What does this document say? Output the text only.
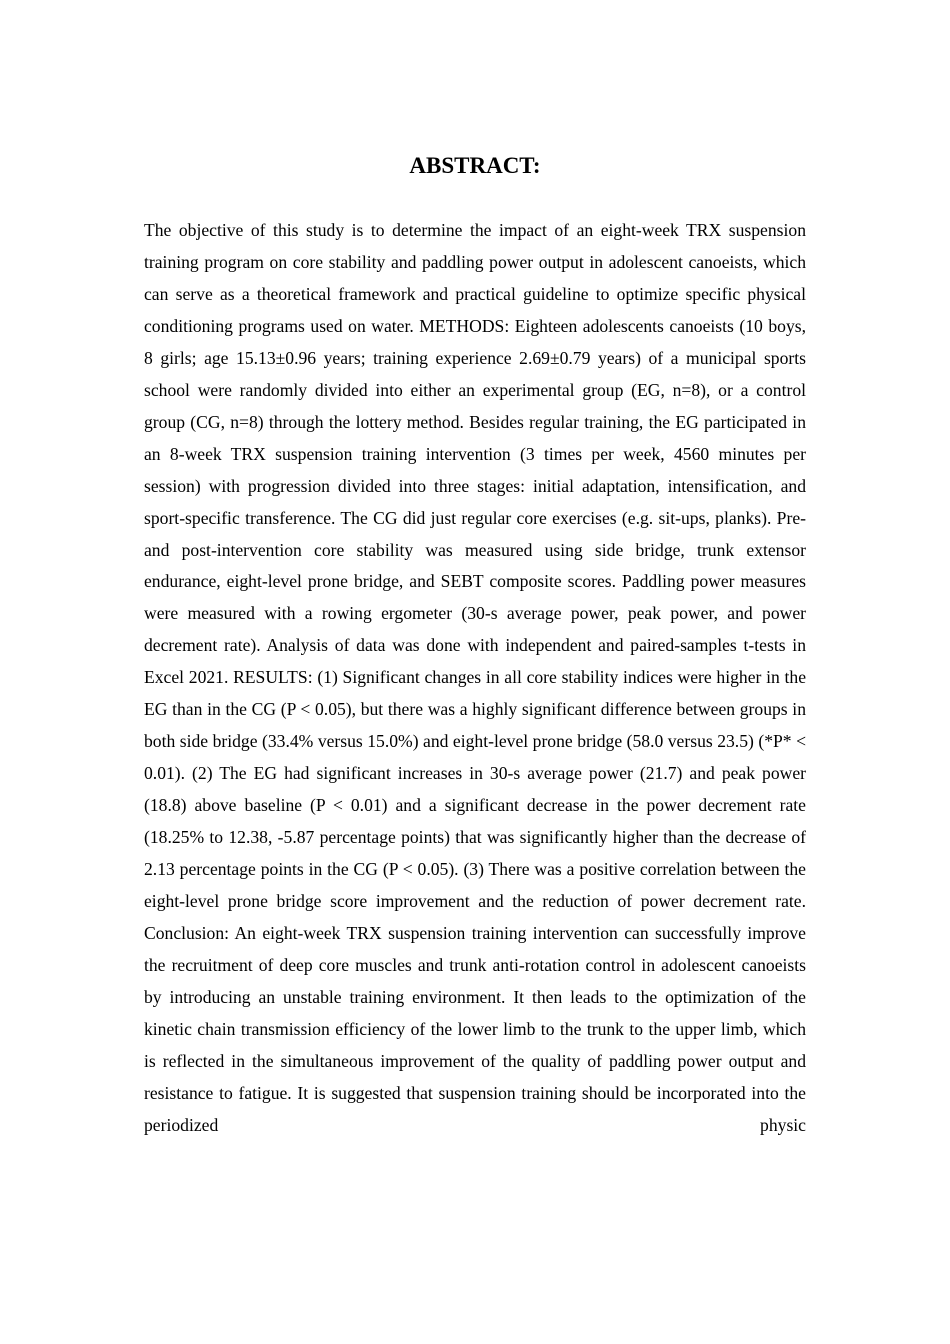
ABSTRACT:

The objective of this study is to determine the impact of an eight-week TRX suspension training program on core stability and paddling power output in adolescent canoeists, which can serve as a theoretical framework and practical guideline to optimize specific physical conditioning programs used on water. METHODS: Eighteen adolescents canoeists (10 boys, 8 girls; age 15.13±0.96 years; training experience 2.69±0.79 years) of a municipal sports school were randomly divided into either an experimental group (EG, n=8), or a control group (CG, n=8) through the lottery method. Besides regular training, the EG participated in an 8-week TRX suspension training intervention (3 times per week, 4560 minutes per session) with progression divided into three stages: initial adaptation, intensification, and sport-specific transference. The CG did just regular core exercises (e.g. sit-ups, planks). Pre- and post-intervention core stability was measured using side bridge, trunk extensor endurance, eight-level prone bridge, and SEBT composite scores. Paddling power measures were measured with a rowing ergometer (30-s average power, peak power, and power decrement rate). Analysis of data was done with independent and paired-samples t-tests in Excel 2021. RESULTS: (1) Significant changes in all core stability indices were higher in the EG than in the CG (P < 0.05), but there was a highly significant difference between groups in both side bridge (33.4% versus 15.0%) and eight-level prone bridge (58.0 versus 23.5) (*P* < 0.01). (2) The EG had significant increases in 30-s average power (21.7) and peak power (18.8) above baseline (P < 0.01) and a significant decrease in the power decrement rate (18.25% to 12.38, -5.87 percentage points) that was significantly higher than the decrease of 2.13 percentage points in the CG (P < 0.05). (3) There was a positive correlation between the eight-level prone bridge score improvement and the reduction of power decrement rate. Conclusion: An eight-week TRX suspension training intervention can successfully improve the recruitment of deep core muscles and trunk anti-rotation control in adolescent canoeists by introducing an unstable training environment. It then leads to the optimization of the kinetic chain transmission efficiency of the lower limb to the trunk to the upper limb, which is reflected in the simultaneous improvement of the quality of paddling power output and resistance to fatigue. It is suggested that suspension training should be incorporated into the periodized physic
